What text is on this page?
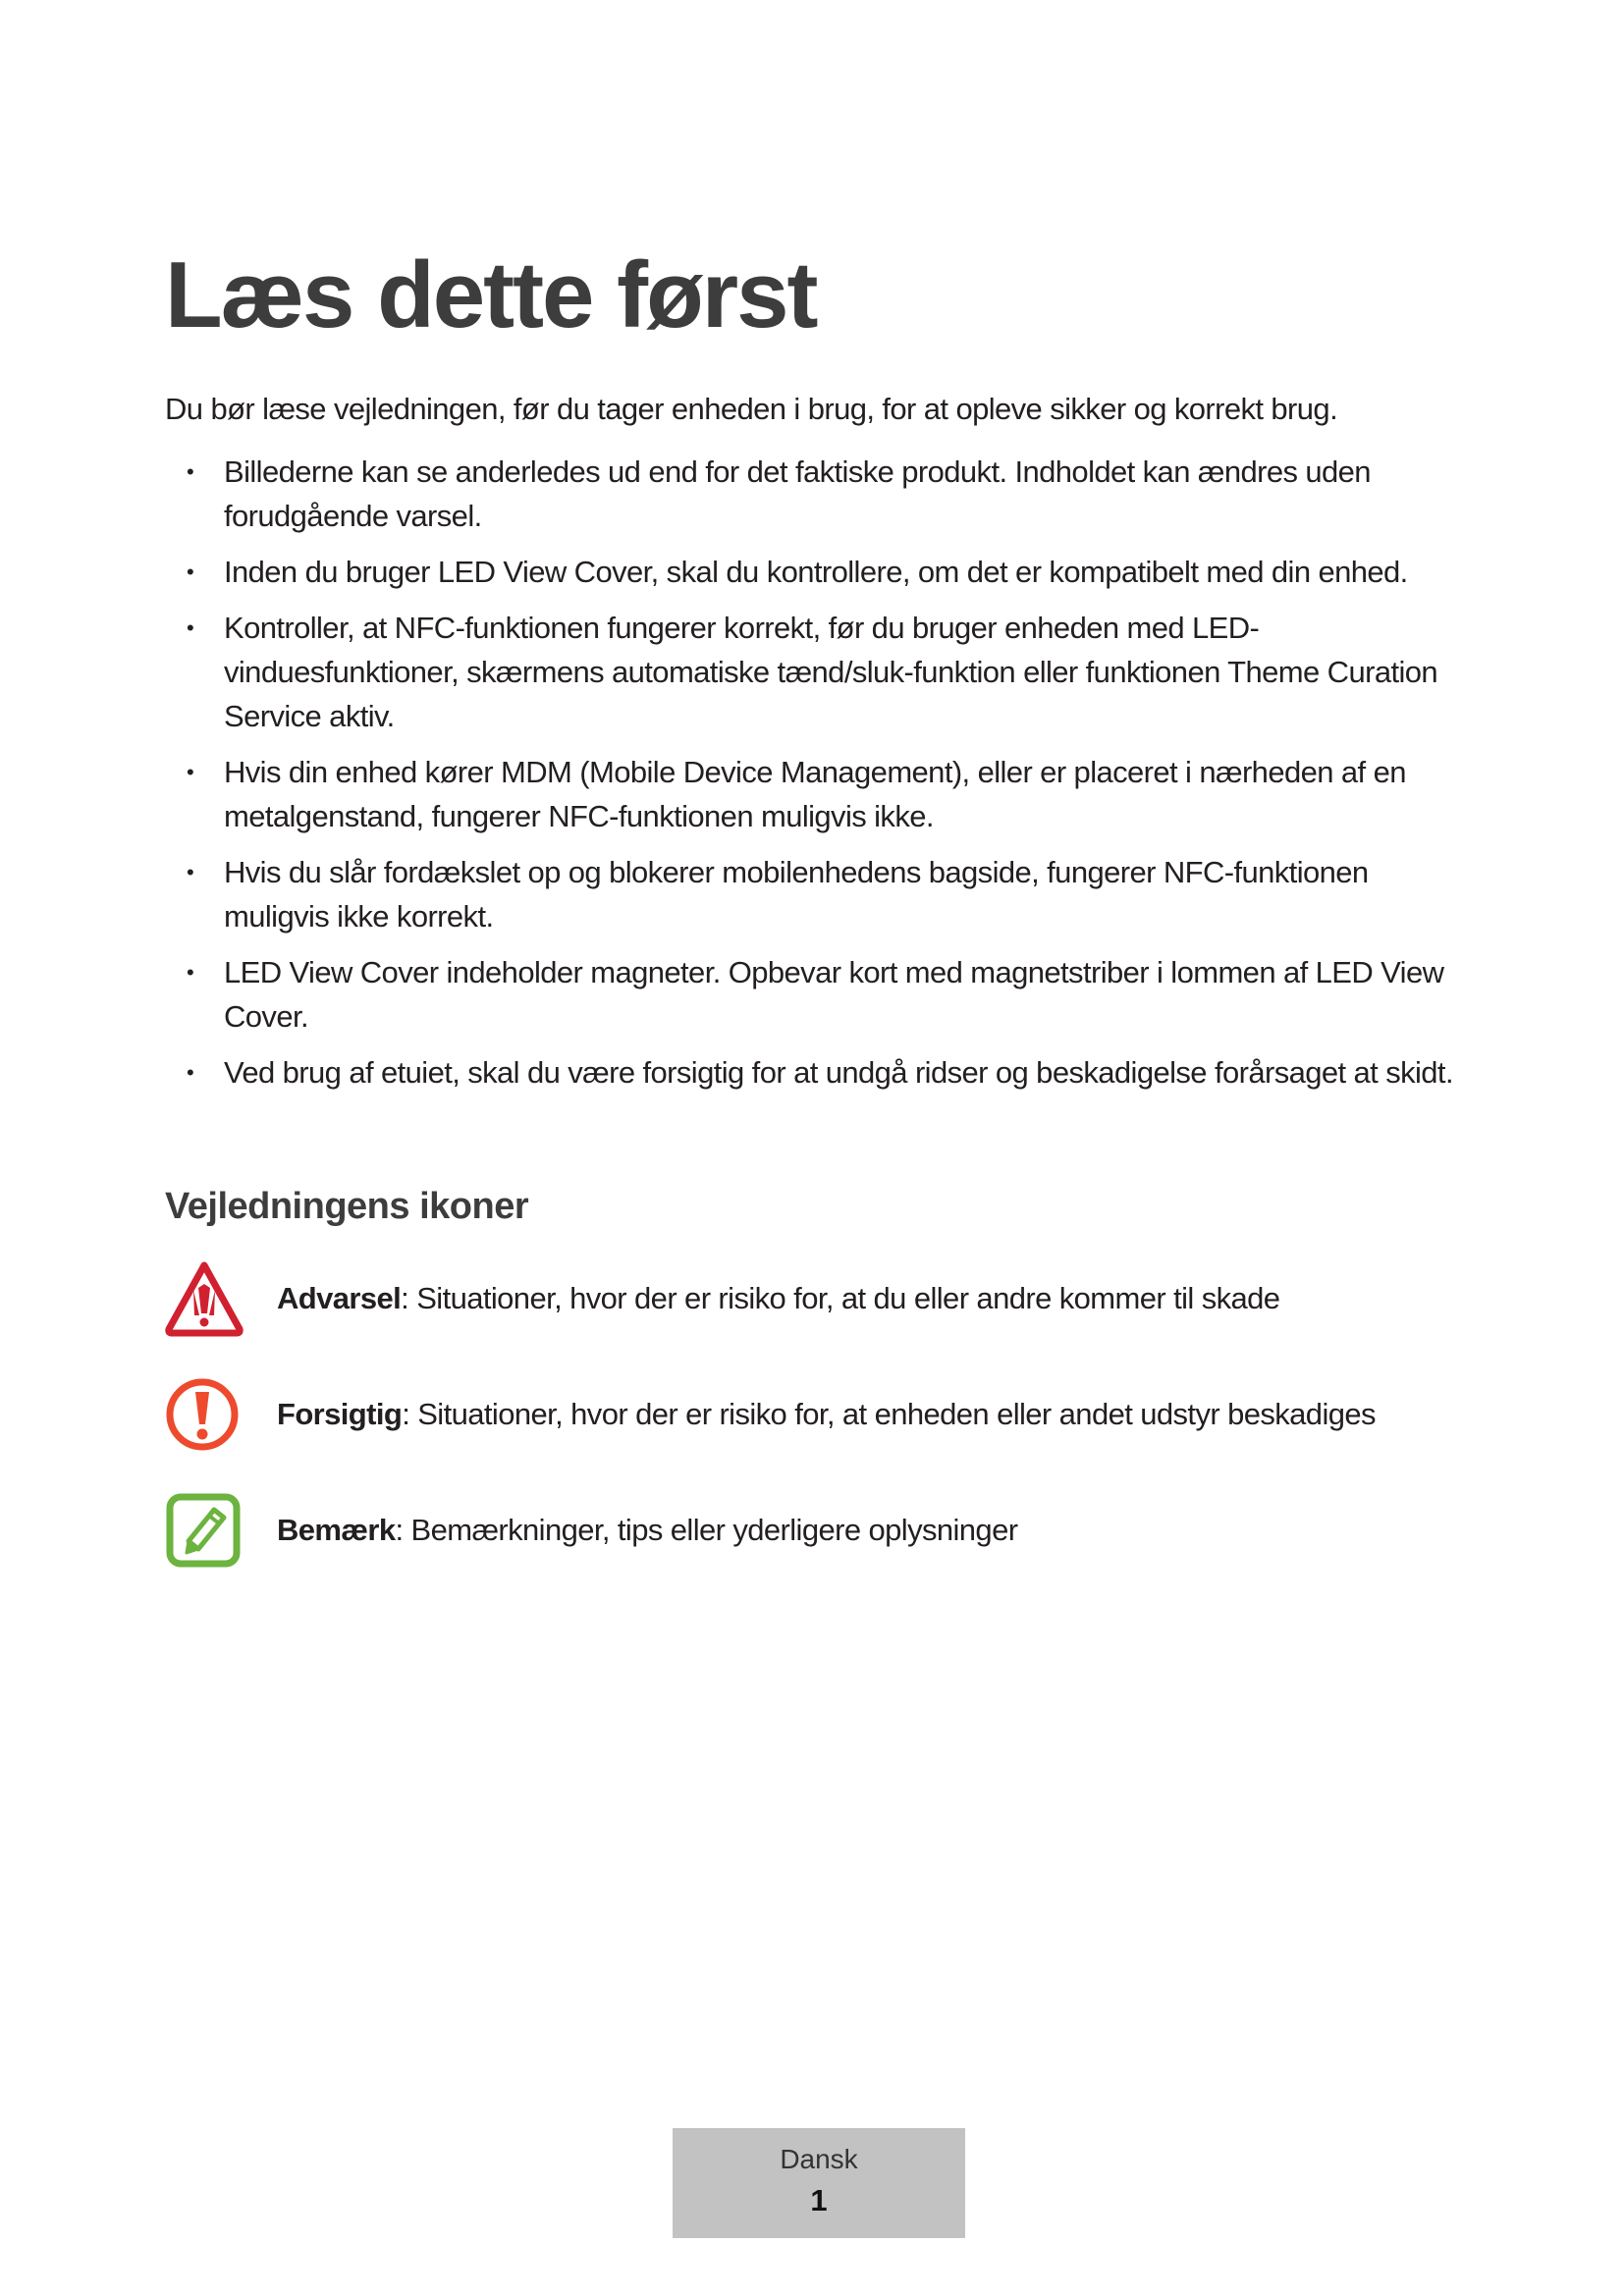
Læs dette først

Du bør læse vejledningen, før du tager enheden i brug, for at opleve sikker og korrekt brug.

• Billederne kan se anderledes ud end for det faktiske produkt. Indholdet kan ændres uden forudgående varsel.
• Inden du bruger LED View Cover, skal du kontrollere, om det er kompatibelt med din enhed.
• Kontroller, at NFC-funktionen fungerer korrekt, før du bruger enheden med LED-vinduesfunktioner, skærmens automatiske tænd/sluk-funktion eller funktionen Theme Curation Service aktiv.
• Hvis din enhed kører MDM (Mobile Device Management), eller er placeret i nærheden af en metalgenstand, fungerer NFC-funktionen muligvis ikke.
• Hvis du slår fordækslet op og blokerer mobilenhedens bagside, fungerer NFC-funktionen muligvis ikke korrekt.
• LED View Cover indeholder magneter. Opbevar kort med magnetstriber i lommen af LED View Cover.
• Ved brug af etuiet, skal du være forsigtig for at undgå ridser og beskadigelse forårsaget at skidt.
Vejledningens ikoner
Advarsel: Situationer, hvor der er risiko for, at du eller andre kommer til skade
Forsigtig: Situationer, hvor der er risiko for, at enheden eller andet udstyr beskadiges
Bemærk: Bemærkninger, tips eller yderligere oplysninger
Dansk
1
